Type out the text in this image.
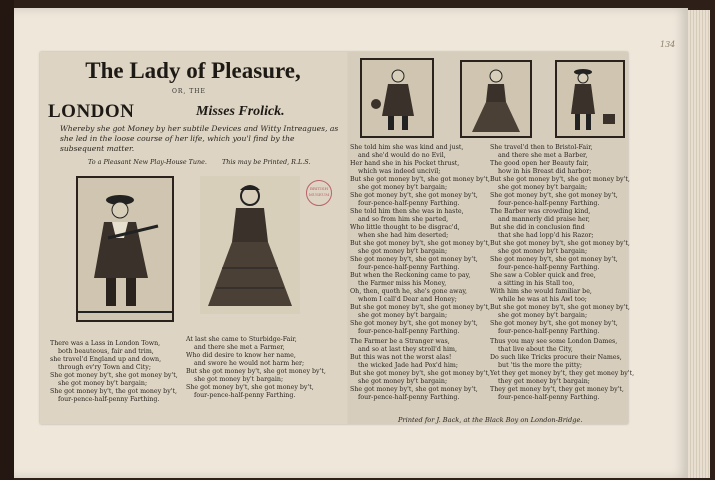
134
The Lady of Pleasure,
OR, THE
LONDON	Misses Frolick.
Whereby she got Money by her subtile Devices and Witty Intreagues, as she led in the loose course of her life, which you'l find by the subsequent matter.
To a Pleasant New Play-House Tune. This may be Printed, R.L.S.
BRITISH MUSEUM
There was a Lass in London Town,
both beauteous, fair and trim,
she travel'd England up and down,
through ev'ry Town and City;
She got money by't, she got money by't,
she got money by't bargain;
She got money by't, the got money by't,
four-pence-half-penny Farthing.
At last she came to Sturbidge-Fair,
and there she met a Farmer,
Who did desire to know her name,
and swore he would not harm her;
But she got money by't, she got money by't,
she got money by't bargain;
She got money by't, she got money by't,
four-pence-half-penny Farthing.
She told him she was kind and just,
and she'd would do no Evil,
Her hand she in his Pocket thrust,
which was indeed uncivil;
But she got money by't, she got money by't,
she got money by't bargain;
She got money by't, she got money by't,
four-pence-half-penny Farthing.
She told him then she was in haste,
and so from him she parted,
Who little thought to be disgrac'd,
when she had him deserted;
But she got money by't, she got money by't,
she got money by't bargain;
She got money by't, she got money by't,
four-pence-half-penny Farthing.
But when the Reckoning came to pay,
the Farmer miss his Money,
Oh, then, quoth he, she's gone away,
whom I call'd Dear and Honey;
But she got money by't, she got money by't,
she got money by't bargain;
She got money by't, she got money by't,
four-pence-half-penny Farthing.
The Farmer be a Stranger was,
and so at last they stroll'd him,
But this was not the worst alas!
the wicked Jade had Pox'd him;
But she got money by't, she got money by't,
she got money by't bargain;
She got money by't, she got money by't,
four-pence-half-penny Farthing.
She travel'd then to Bristol-Fair,
and there she met a Barber,
The good open her Beauty fair,
how in his Breast did harbor;
But she got money by't, she got money by't,
she got money by't bargain;
She got money by't, she got money by't,
four-pence-half-penny Farthing.
The Barber was crowding kind,
and mannerly did praise her,
But she did in conclusion find
that she had lopp'd his Razor;
But she got money by't, she got money by't,
she got money by't bargain;
She got money by't, she got money by't,
four-pence-half-penny Farthing.
She saw a Cobler quick and free,
a sitting in his Stall too,
With him she would familiar be,
while he was at his Awl too;
But she got money by't, she got money by't,
she got money by't bargain;
She got money by't, she got money by't,
four-pence-half-penny Farthing.
Thus you may see some London Dames,
that live about the City,
Do such like Tricks procure their Names,
but 'tis the more the pitty;
Yet they get money by't, they get money by't,
they get money by't bargain;
They get money by't, they get money by't,
four-pence-half-penny Farthing.
Printed for J. Back, at the Black Boy on London-Bridge.
